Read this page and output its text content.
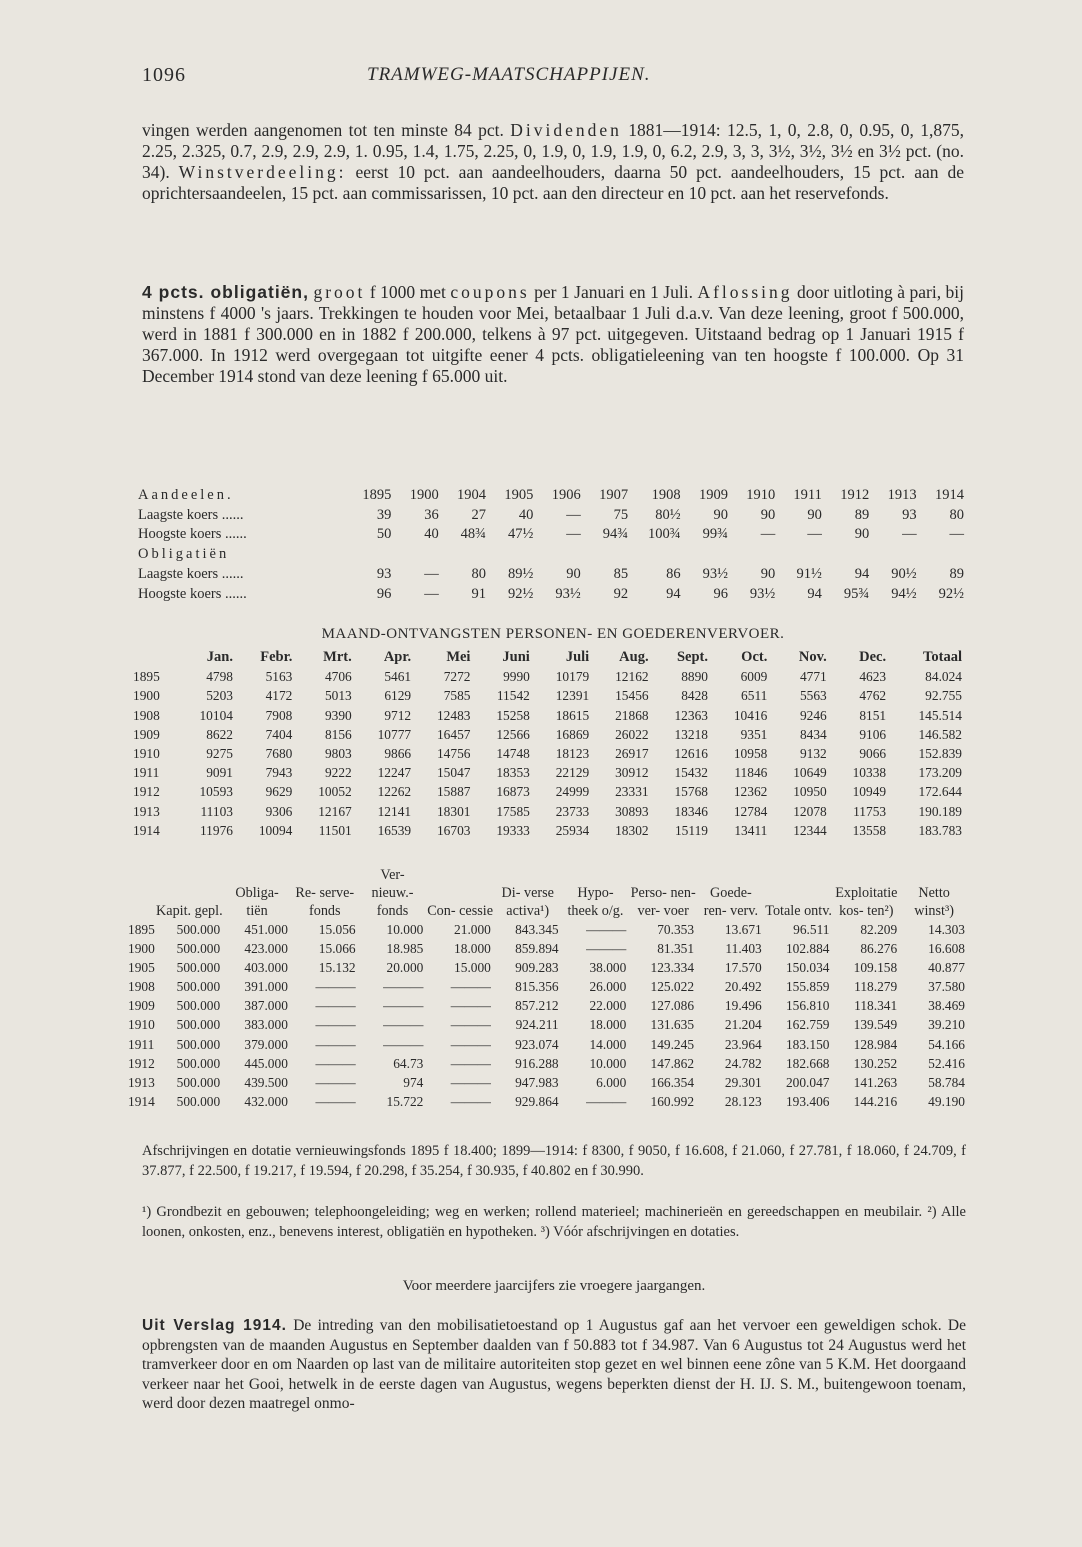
1096	TRAMWEG-MAATSCHAPPIJEN.
vingen werden aangenomen tot ten minste 84 pct. Dividenden 1881—1914: 12.5, 1, 0, 2.8, 0, 0.95, 0, 1,875, 2.25, 2.325, 0.7, 2.9, 2.9, 2.9, 1. 0.95, 1.4, 1.75, 2.25, 0, 1.9, 0, 1.9, 1.9, 0, 6.2, 2.9, 3, 3, 3½, 3½, 3½ en 3½ pct. (no. 34). Winstverdeeling: eerst 10 pct. aan aandeelhouders, daarna 50 pct. aandeelhouders, 15 pct. aan de oprichtersaandeelen, 15 pct. aan commissarissen, 10 pct. aan den directeur en 10 pct. aan het reservefonds.
4 pcts. obligatiën, groot f 1000 met coupons per 1 Januari en 1 Juli. Aflossing door uitloting à pari, bij minstens f 4000 's jaars. Trekkingen te houden voor Mei, betaalbaar 1 Juli d.a.v. Van deze leening, groot f 500.000, werd in 1881 f 300.000 en in 1882 f 200.000, telkens à 97 pct. uitgegeven. Uitstaand bedrag op 1 Januari 1915 f 367.000. In 1912 werd overgegaan tot uitgifte eener 4 pcts. obligatieleening van ten hoogste f 100.000. Op 31 December 1914 stond van deze leening f 65.000 uit.
Aandeelen.	1895	1900	1904	1905	1906	1907	1908	1909	1910	1911	1912	1913	1914
Laagste koers ......	39	36	27	40	—	75	80½	90	90	90	89	93	80
Hoogste koers ......	50	40	48¾	47½	—	94¾	100¾	99¾	—	—	90	—	—
Obligatiën													
Laagste koers ......	93	—	80	89½	90	85	86	93½	90	91½	94	90½	89
Hoogste koers ......	96	—	91	92½	93½	92	94	96	93½	94	95¾	94½	92½
MAAND-ONTVANGSTEN PERSONEN- EN GOEDERENVERVOER.
	Jan.	Febr.	Mrt.	Apr.	Mei	Juni	Juli	Aug.	Sept.	Oct.	Nov.	Dec.	Totaal
1895	4798	5163	4706	5461	7272	9990	10179	12162	8890	6009	4771	4623	84.024
1900	5203	4172	5013	6129	7585	11542	12391	15456	8428	6511	5563	4762	92.755
1908	10104	7908	9390	9712	12483	15258	18615	21868	12363	10416	9246	8151	145.514
1909	8622	7404	8156	10777	16457	12566	16869	26022	13218	9351	8434	9106	146.582
1910	9275	7680	9803	9866	14756	14748	18123	26917	12616	10958	9132	9066	152.839
1911	9091	7943	9222	12247	15047	18353	22129	30912	15432	11846	10649	10338	173.209
1912	10593	9629	10052	12262	15887	16873	24999	23331	15768	12362	10950	10949	172.644
1913	11103	9306	12167	12141	18301	17585	23733	30893	18346	12784	12078	11753	190.189
1914	11976	10094	11501	16539	16703	19333	25934	18302	15119	13411	12344	13558	183.783
	Kapit. gepl.	Obliga- tiën	Re- serve- fonds	Ver- nieuw.- fonds	Con- cessie	Di- verse activa¹)	Hypo- theek o/g.	Perso- nen- ver- voer	Goede- ren- verv.	Totale ontv.	Exploitatie kos- ten²)	Netto winst³)
1895	500.000	451.000	15.056	10.000	21.000	843.345	———	70.353	13.671	96.511	82.209	14.303
1900	500.000	423.000	15.066	18.985	18.000	859.894	———	81.351	11.403	102.884	86.276	16.608
1905	500.000	403.000	15.132	20.000	15.000	909.283	38.000	123.334	17.570	150.034	109.158	40.877
1908	500.000	391.000	———	———	———	815.356	26.000	125.022	20.492	155.859	118.279	37.580
1909	500.000	387.000	———	———	———	857.212	22.000	127.086	19.496	156.810	118.341	38.469
1910	500.000	383.000	———	———	———	924.211	18.000	131.635	21.204	162.759	139.549	39.210
1911	500.000	379.000	———	———	———	923.074	14.000	149.245	23.964	183.150	128.984	54.166
1912	500.000	445.000	———	64.73	———	916.288	10.000	147.862	24.782	182.668	130.252	52.416
1913	500.000	439.500	———	974	———	947.983	6.000	166.354	29.301	200.047	141.263	58.784
1914	500.000	432.000	———	15.722	———	929.864	———	160.992	28.123	193.406	144.216	49.190
Afschrijvingen en dotatie vernieuwingsfonds 1895 f 18.400; 1899—1914: f 8300, f 9050, f 16.608, f 21.060, f 27.781, f 18.060, f 24.709, f 37.877, f 22.500, f 19.217, f 19.594, f 20.298, f 35.254, f 30.935, f 40.802 en f 30.990.
¹) Grondbezit en gebouwen; telephoongeleiding; weg en werken; rollend materieel; machinerieën en gereedschappen en meubilair. ²) Alle loonen, onkosten, enz., benevens interest, obligatiën en hypotheken. ³) Vóór afschrijvingen en dotaties.
Voor meerdere jaarcijfers zie vroegere jaargangen.
Uit Verslag 1914. De intreding van den mobilisatietoestand op 1 Augustus gaf aan het vervoer een geweldigen schok. De opbrengsten van de maanden Augustus en September daalden van f 50.883 tot f 34.987. Van 6 Augustus tot 24 Augustus werd het tramverkeer door en om Naarden op last van de militaire autoriteiten stop gezet en wel binnen eene zône van 5 K.M. Het doorgaand verkeer naar het Gooi, hetwelk in de eerste dagen van Augustus, wegens beperkten dienst der H. IJ. S. M., buitengewoon toenam, werd door dezen maatregel onmo-
